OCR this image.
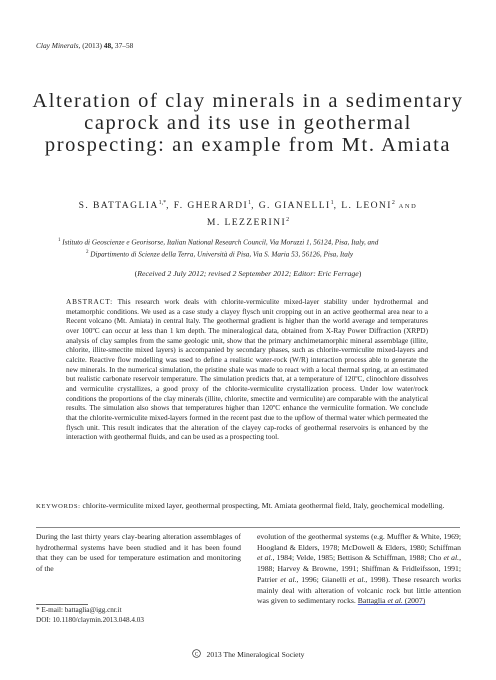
Clay Minerals, (2013) 48, 37–58
Alteration of clay minerals in a sedimentary caprock and its use in geothermal prospecting: an example from Mt. Amiata
S. $BATTAGLIA^{1,*}$, F. GHERARDI$^1$, G. GIANELLI$^1$, L. LEONI$^2$ AND
M. LEZZERINI$^2$
$^1$ Istituto di Geoscienze e Georisorse, Italian National Research Council, Via Moruzzi 1, 56124, Pisa, Italy, and
$^2$ Dipartimento di Scienze della Terra, Università di Pisa, Via S. Maria 53, 56126, Pisa, Italy
(Received 2 July 2012; revised 2 September 2012; Editor: Eric Ferrage)
ABSTRACT: This research work deals with chlorite-vermiculite mixed-layer stability under hydrothermal and metamorphic conditions. We used as a case study a clayey flysch unit cropping out in an active geothermal area near to a Recent volcano (Mt. Amiata) in central Italy. The geothermal gradient is higher than the world average and temperatures over 100ºC can occur at less than 1 km depth. The mineralogical data, obtained from X-Ray Power Diffraction (XRPD) analysis of clay samples from the same geologic unit, show that the primary anchimetamorphic mineral assemblage (illite, chlorite, illite-smectite mixed layers) is accompanied by secondary phases, such as chlorite-vermiculite mixed-layers and calcite. Reactive flow modelling was used to define a realistic water-rock (W/R) interaction process able to generate the new minerals. In the numerical simulation, the pristine shale was made to react with a local thermal spring, at an estimated but realistic carbonate reservoir temperature. The simulation predicts that, at a temperature of 120ºC, clinochlore dissolves and vermiculite crystallizes, a good proxy of the chlorite-vermiculite crystallization process. Under low water/rock conditions the proportions of the clay minerals (illite, chlorite, smectite and vermiculite) are comparable with the analytical results. The simulation also shows that temperatures higher than 120ºC enhance the vermiculite formation. We conclude that the chlorite-vermiculite mixed-layers formed in the recent past due to the upflow of thermal water which permeated the flysch unit. This result indicates that the alteration of the clayey cap-rocks of geothermal reservoirs is enhanced by the interaction with geothermal fluids, and can be used as a prospecting tool.
KEYWORDS: chlorite-vermiculite mixed layer, geothermal prospecting, Mt. Amiata geothermal field, Italy, geochemical modelling.
During the last thirty years clay-bearing alteration assemblages of hydrothermal systems have been studied and it has been found that they can be used for temperature estimation and monitoring of the
evolution of the geothermal systems (e.g. Muffler & White, 1969; Hoogland & Elders, 1978; McDowell & Elders, 1980; Schiffman et al., 1984; Velde, 1985; Bettison & Schiffman, 1988; Cho et al., 1988; Harvey & Browne, 1991; Shiffman & Fridleifsson, 1991; Patrier et al., 1996; Gianelli et al., 1998). These research works mainly deal with alteration of volcanic rock but little attention was given to sedimentary rocks. Battaglia et al. (2007)
* E-mail: battaglia@igg.cnr.it
DOI: 10.1180/claymin.2013.048.4.03
C 2013 The Mineralogical Society
